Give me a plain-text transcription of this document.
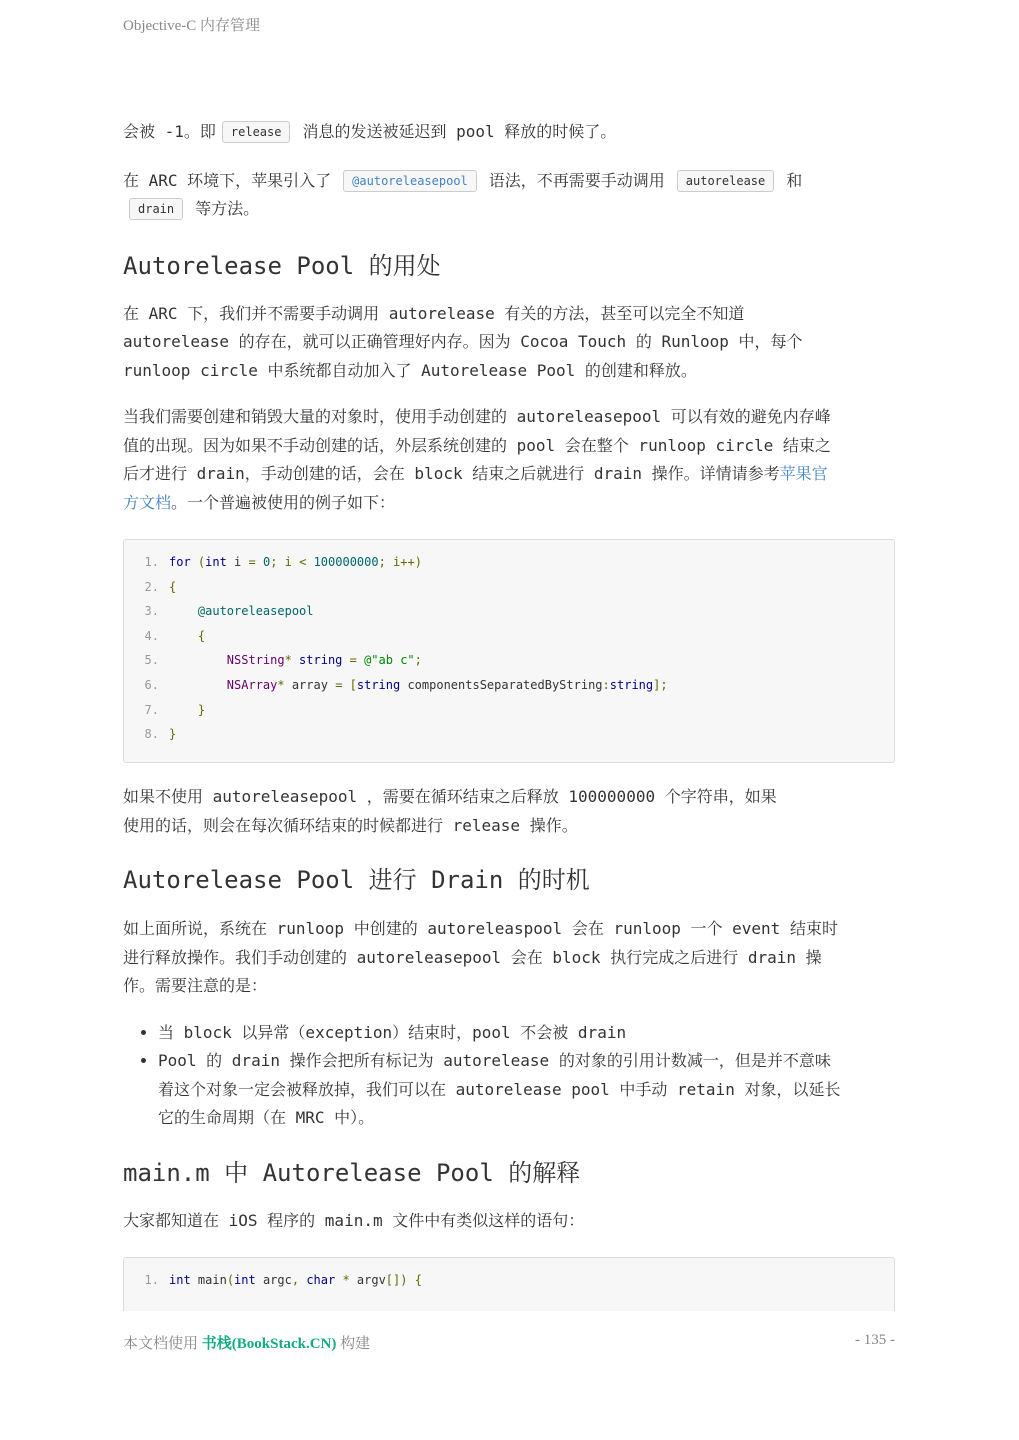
Objective-C 内存管理

会被 -1。即 release 消息的发送被延迟到 pool 释放的时候了。

在 ARC 环境下，苹果引入了 @autoreleasepool 语法，不再需要手动调用 autorelease 和
drain 等方法。

Autorelease Pool 的用处

在 ARC 下，我们并不需要手动调用 autorelease 有关的方法，甚至可以完全不知道
autorelease 的存在，就可以正确管理好内存。因为 Cocoa Touch 的 Runloop 中，每个
runloop circle 中系统都自动加入了 Autorelease Pool 的创建和释放。

当我们需要创建和销毁大量的对象时，使用手动创建的 autoreleasepool 可以有效的避免内存峰
值的出现。因为如果不手动创建的话，外层系统创建的 pool 会在整个 runloop circle 结束之
后才进行 drain，手动创建的话，会在 block 结束之后就进行 drain 操作。详情请参考苹果官
方文档。一个普遍被使用的例子如下：

1. for (int i = 0; i < 100000000; i++)
2. {
3.	@autoreleasepool
4.	{
5.	NSString* string = @"ab c";
6.	NSArray* array = [string componentsSeparatedByString:string];
7.	}
8. }

如果不使用 autoreleasepool ，需要在循环结束之后释放 100000000 个字符串，如果
使用的话，则会在每次循环结束的时候都进行 release 操作。

Autorelease Pool 进行 Drain 的时机

如上面所说，系统在 runloop 中创建的 autoreleaspool 会在 runloop 一个 event 结束时
进行释放操作。我们手动创建的 autoreleasepool 会在 block 执行完成之后进行 drain 操
作。需要注意的是：

• 当 block 以异常（exception）结束时，pool 不会被 drain
• Pool 的 drain 操作会把所有标记为 autorelease 的对象的引用计数减一，但是并不意味
着这个对象一定会被释放掉，我们可以在 autorelease pool 中手动 retain 对象，以延长
它的生命周期（在 MRC 中）。
main.m 中 Autorelease Pool 的解释

大家都知道在 iOS 程序的 main.m 文件中有类似这样的语句：

1. int main(int argc, char * argv[]) {
本文档使用 书栈(BookStack.CN) 构建	- 135 -
